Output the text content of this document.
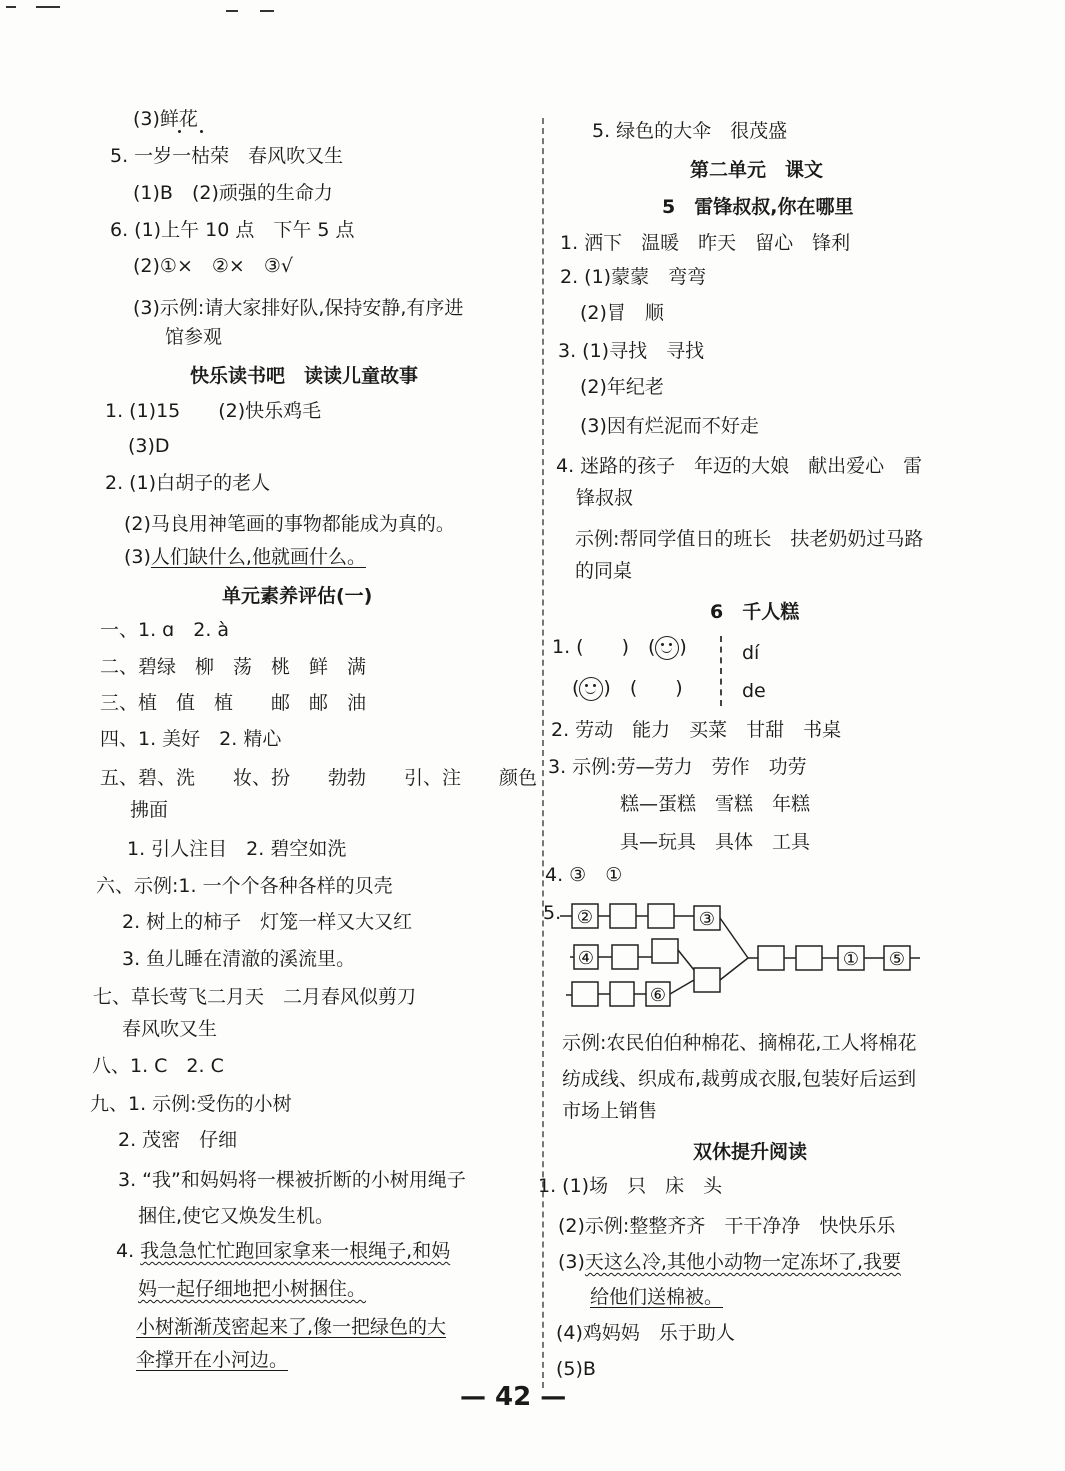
(3)鲜花
5. 一岁一枯荣　春风吹又生
(1)B　(2)顽强的生命力
6. (1)上午 10 点　下午 5 点
(2)①×　②×　③√
(3)示例:请大家排好队,保持安静,有序进
馆参观
快乐读书吧　读读儿童故事
1. (1)15　　(2)快乐鸡毛
(3)D
2. (1)白胡子的老人
(2)马良用神笔画的事物都能成为真的。
(3)人们缺什么,他就画什么。
单元素养评估(一)
一、1. ɑ　2. à
二、碧绿　柳　荡　桃　鲜　满
三、植　值　植　　邮　邮　油
四、1. 美好　2. 精心
五、碧、洗　　妆、扮　　勃勃　　引、注　　颜色
拂面
1. 引人注目　2. 碧空如洗
六、示例:1. 一个个各种各样的贝壳
2. 树上的柿子　灯笼一样又大又红
3. 鱼儿睡在清澈的溪流里。
七、草长莺飞二月天　二月春风似剪刀
春风吹又生
八、1. C　2. C
九、1. 示例:受伤的小树
2. 茂密　仔细
3. “我”和妈妈将一棵被折断的小树用绳子
捆住,使它又焕发生机。
4. 我急急忙忙跑回家拿来一根绳子,和妈
妈一起仔细地把小树捆住。
小树渐渐茂密起来了,像一把绿色的大
伞撑开在小河边。
5. 绿色的大伞　很茂盛
第二单元　课文
5　雷锋叔叔,你在哪里
1. 洒下　温暖　昨天　留心　锋利
2. (1)蒙蒙　弯弯
(2)冒　顺
3. (1)寻找　寻找
(2)年纪老
(3)因有烂泥而不好走
4. 迷路的孩子　年迈的大娘　献出爱心　雷
锋叔叔
示例:帮同学值日的班长　扶老奶奶过马路
的同桌
6　千人糕
1. (　　)　( )	dí
( )　(　　)	de
2. 劳动　能力　买菜　甘甜　书桌
3. 示例:劳—劳力　劳作　功劳
糕—蛋糕　雪糕　年糕
具—玩具　具体　工具
4. ③　①
5. ②	③
④
⑥
① ⑤
示例:农民伯伯种棉花、摘棉花,工人将棉花
纺成线、织成布,裁剪成衣服,包装好后运到
市场上销售
双休提升阅读
1. (1)场　只　床　头
(2)示例:整整齐齐　干干净净　快快乐乐
(3)天这么冷,其他小动物一定冻坏了,我要
给他们送棉被。
(4)鸡妈妈　乐于助人
(5)B
— 42 —
